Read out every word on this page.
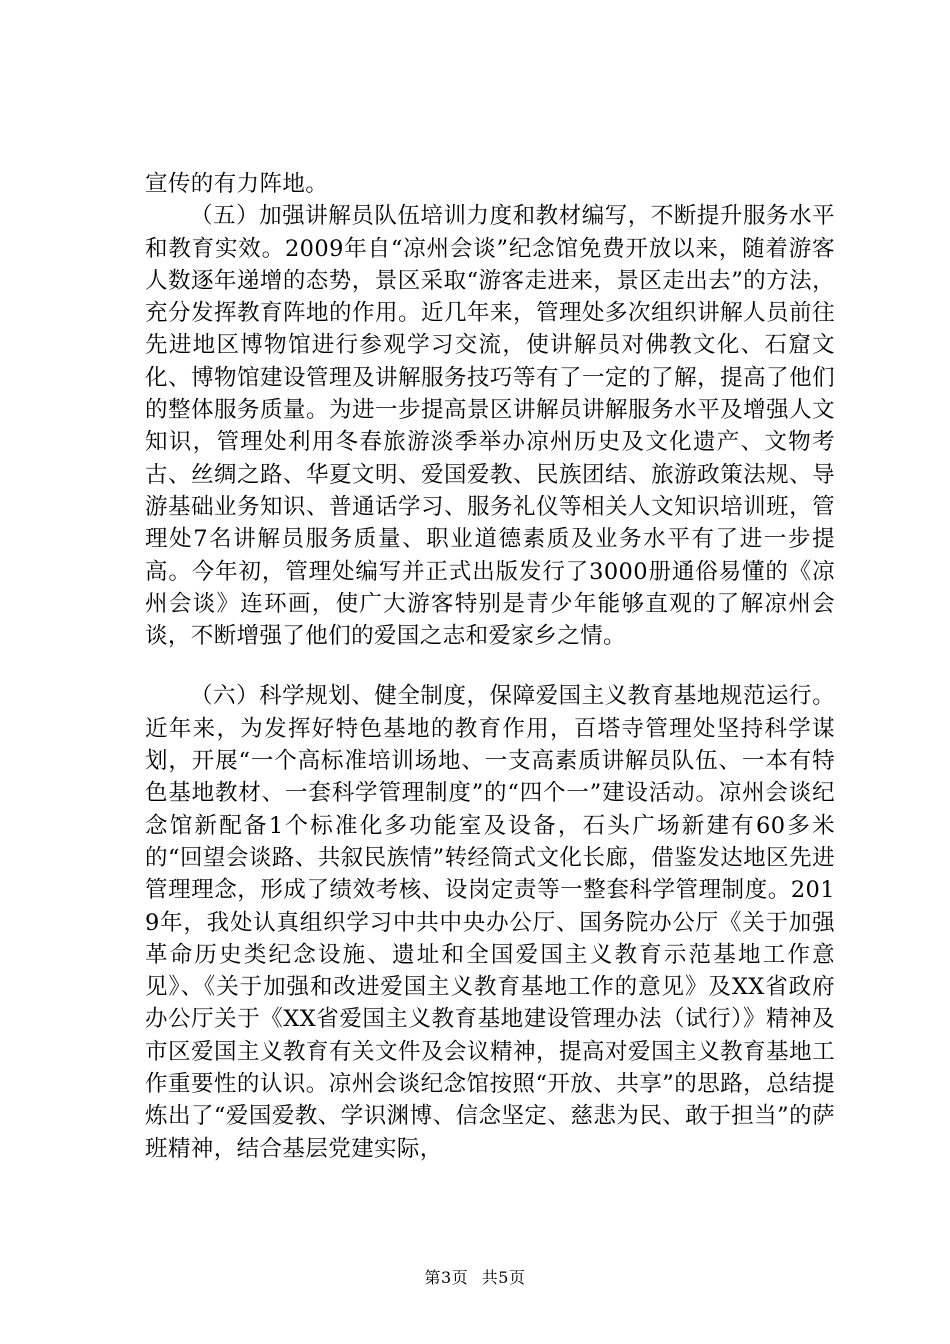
宣传的有力阵地。

（五）加强讲解员队伍培训力度和教材编写，不断提升服务水平和教育实效。2009年自“凉州会谈”纪念馆免费开放以来，随着游客人数逐年递增的态势，景区采取“游客走进来，景区走出去”的方法，充分发挥教育阵地的作用。近几年来，管理处多次组织讲解人员前往先进地区博物馆进行参观学习交流，使讲解员对佛教文化、石窟文化、博物馆建设管理及讲解服务技巧等有了一定的了解，提高了他们的整体服务质量。为进一步提高景区讲解员讲解服务水平及增强人文知识，管理处利用冬春旅游淡季举办凉州历史及文化遗产、文物考古、丝绸之路、华夏文明、爱国爱教、民族团结、旅游政策法规、导游基础业务知识、普通话学习、服务礼仪等相关人文知识培训班，管理处7名讲解员服务质量、职业道德素质及业务水平有了进一步提高。今年初，管理处编写并正式出版发行了3000册通俗易懂的《凉州会谈》连环画，使广大游客特别是青少年能够直观的了解凉州会谈，不断增强了他们的爱国之志和爱家乡之情。

（六）科学规划、健全制度，保障爱国主义教育基地规范运行。近年来，为发挥好特色基地的教育作用，百塔寺管理处坚持科学谋划，开展“一个高标准培训场地、一支高素质讲解员队伍、一本有特色基地教材、一套科学管理制度”的“四个一”建设活动。凉州会谈纪念馆新配备1个标准化多功能室及设备，石头广场新建有60多米的“回望会谈路、共叙民族情”转经筒式文化长廊，借鉴发达地区先进管理理念，形成了绩效考核、设岗定责等一整套科学管理制度。2019年，我处认真组织学习中共中央办公厅、国务院办公厅《关于加强革命历史类纪念设施、遗址和全国爱国主义教育示范基地工作意见》、《关于加强和改进爱国主义教育基地工作的意见》及XX省政府办公厅关于《XX省爱国主义教育基地建设管理办法（试行）》精神及市区爱国主义教育有关文件及会议精神，提高对爱国主义教育基地工作重要性的认识。凉州会谈纪念馆按照“开放、共享”的思路，总结提炼出了“爱国爱教、学识渊博、信念坚定、慈悲为民、敢于担当”的萨班精神，结合基层党建实际，

第3页 共5页
